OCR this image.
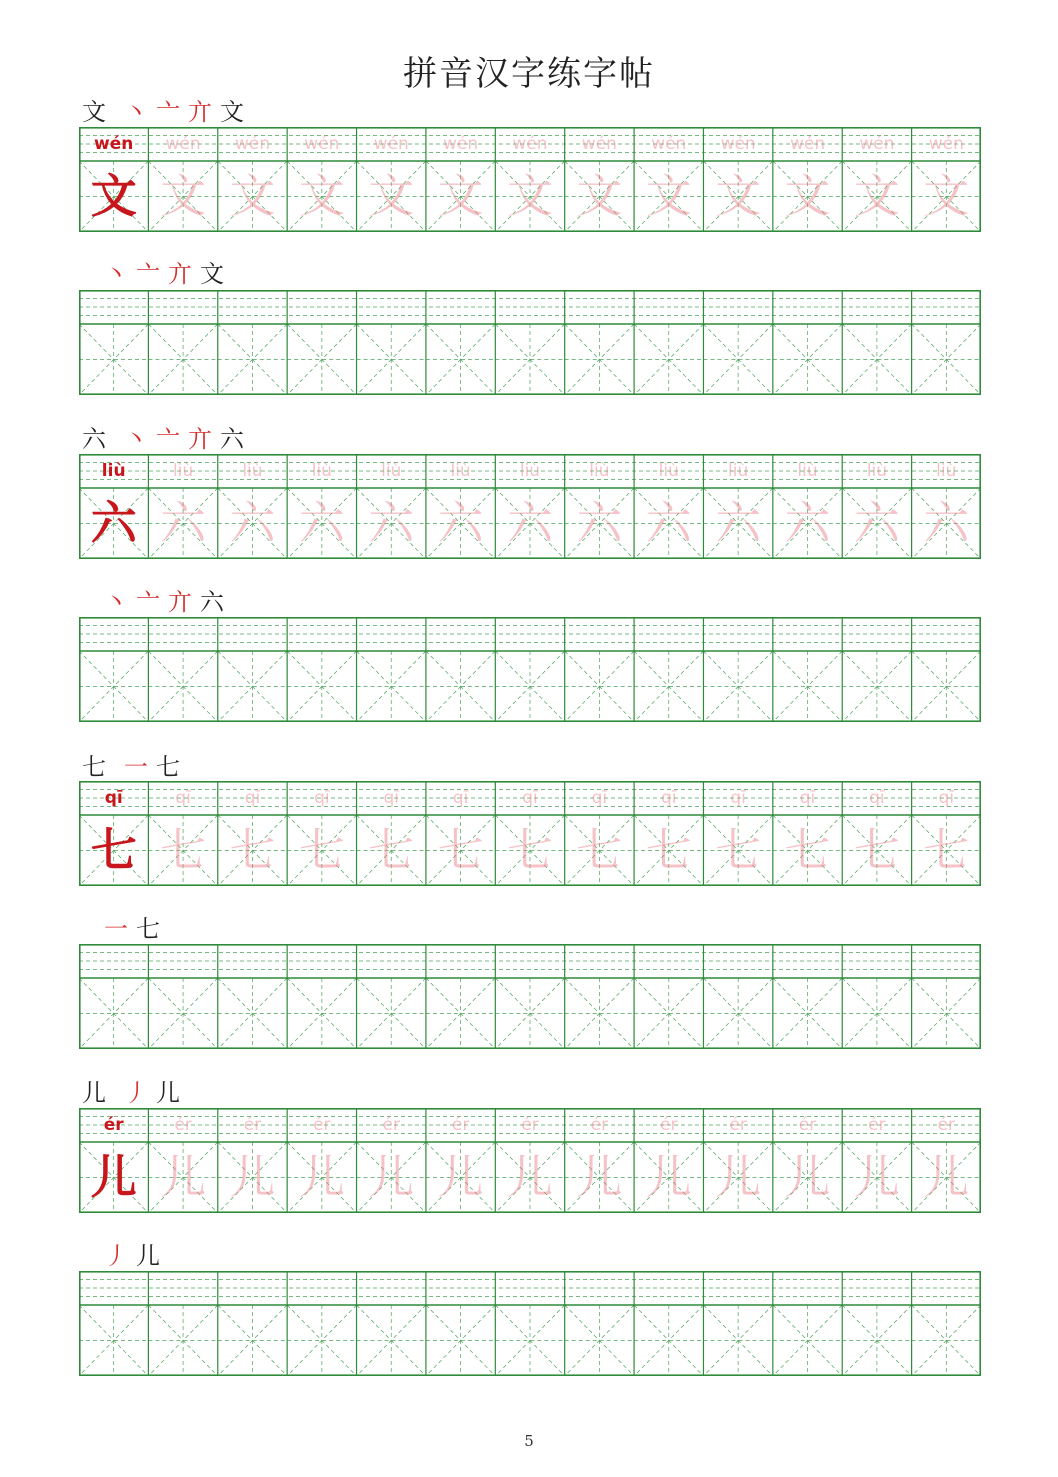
拼音汉字练字帖
文 丶 亠 亣 文
wén
文
wén
文
wén
文
wén
文
wén
文
wén
文
wén
文
wén
文
wén
文
wén
文
wén
文
wén
文
wén
文
丶 亠 亣 文
六 丶 亠 亣 六
liù
六
liù
六
liù
六
liù
六
liù
六
liù
六
liù
六
liù
六
liù
六
liù
六
liù
六
liù
六
liù
六
丶 亠 亣 六
七 一 七
qī
七
qī
七
qī
七
qī
七
qī
七
qī
七
qī
七
qī
七
qī
七
qī
七
qī
七
qī
七
qī
七
一 七
儿 丿 儿
ér
儿
ér
儿
ér
儿
ér
儿
ér
儿
ér
儿
ér
儿
ér
儿
ér
儿
ér
儿
ér
儿
ér
儿
ér
儿
丿 儿
5
